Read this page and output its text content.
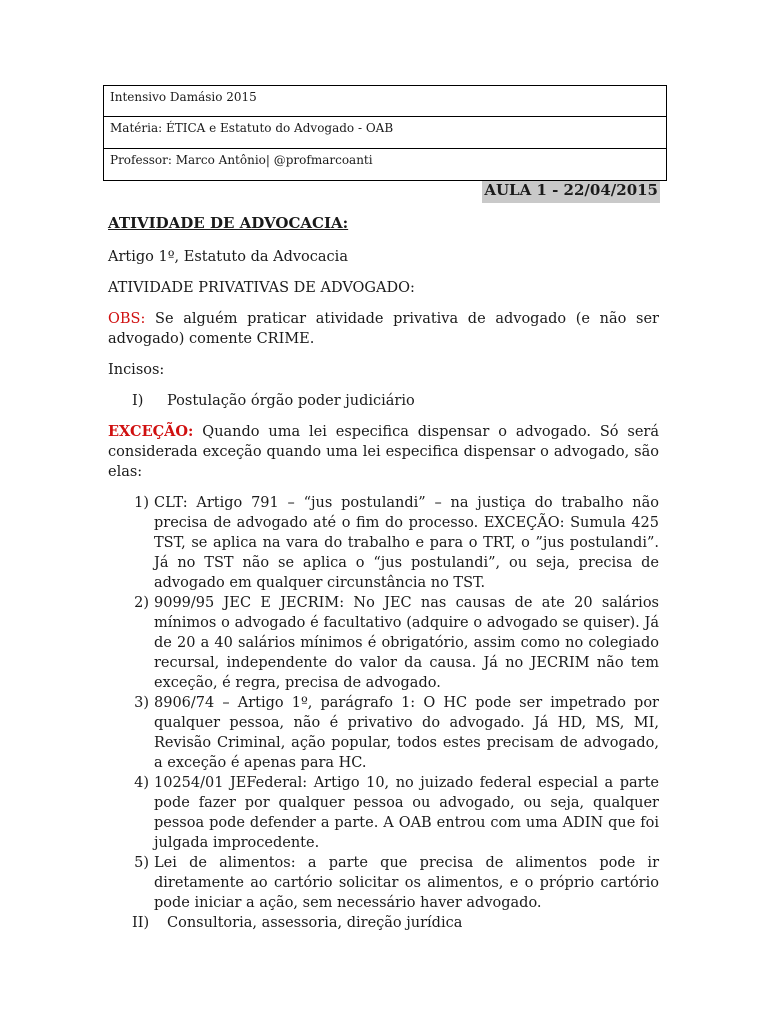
Intensivo Damásio 2015
Matéria: ÉTICA e Estatuto do Advogado - OAB
Professor: Marco Antônio| @profmarcoanti
AULA 1 - 22/04/2015

ATIVIDADE DE ADVOCACIA:

Artigo 1º, Estatuto da Advocacia

ATIVIDADE PRIVATIVAS DE ADVOGADO:

OBS: Se alguém praticar atividade privativa de advogado (e não ser advogado) comente CRIME.

Incisos:

I)	Postulação órgão poder judiciário

EXCEÇÃO: Quando uma lei especifica dispensar o advogado. Só será considerada exceção quando uma lei especifica dispensar o advogado, são elas:

1) CLT: Artigo 791 – “jus postulandi” – na justiça do trabalho não precisa de advogado até o fim do processo. EXCEÇÃO: Sumula 425 TST, se aplica na vara do trabalho e para o TRT, o ”jus postulandi”. Já no TST não se aplica o “jus postulandi”, ou seja, precisa de advogado em qualquer circunstância no TST.
2) 9099/95 JEC E JECRIM: No JEC nas causas de ate 20 salários mínimos o advogado é facultativo (adquire o advogado se quiser). Já de 20 a 40 salários mínimos é obrigatório, assim como no colegiado recursal, independente do valor da causa. Já no JECRIM não tem exceção, é regra, precisa de advogado.
3) 8906/74 – Artigo 1º, parágrafo 1: O HC pode ser impetrado por qualquer pessoa, não é privativo do advogado. Já HD, MS, MI, Revisão Criminal, ação popular, todos estes precisam de advogado, a exceção é apenas para HC.
4) 10254/01 JEFederal: Artigo 10, no juizado federal especial a parte pode fazer por qualquer pessoa ou advogado, ou seja, qualquer pessoa pode defender a parte. A OAB entrou com uma ADIN que foi julgada improcedente.
5) Lei de alimentos: a parte que precisa de alimentos pode ir diretamente ao cartório solicitar os alimentos, e o próprio cartório pode iniciar a ação, sem necessário haver advogado.
II)	Consultoria, assessoria, direção jurídica
